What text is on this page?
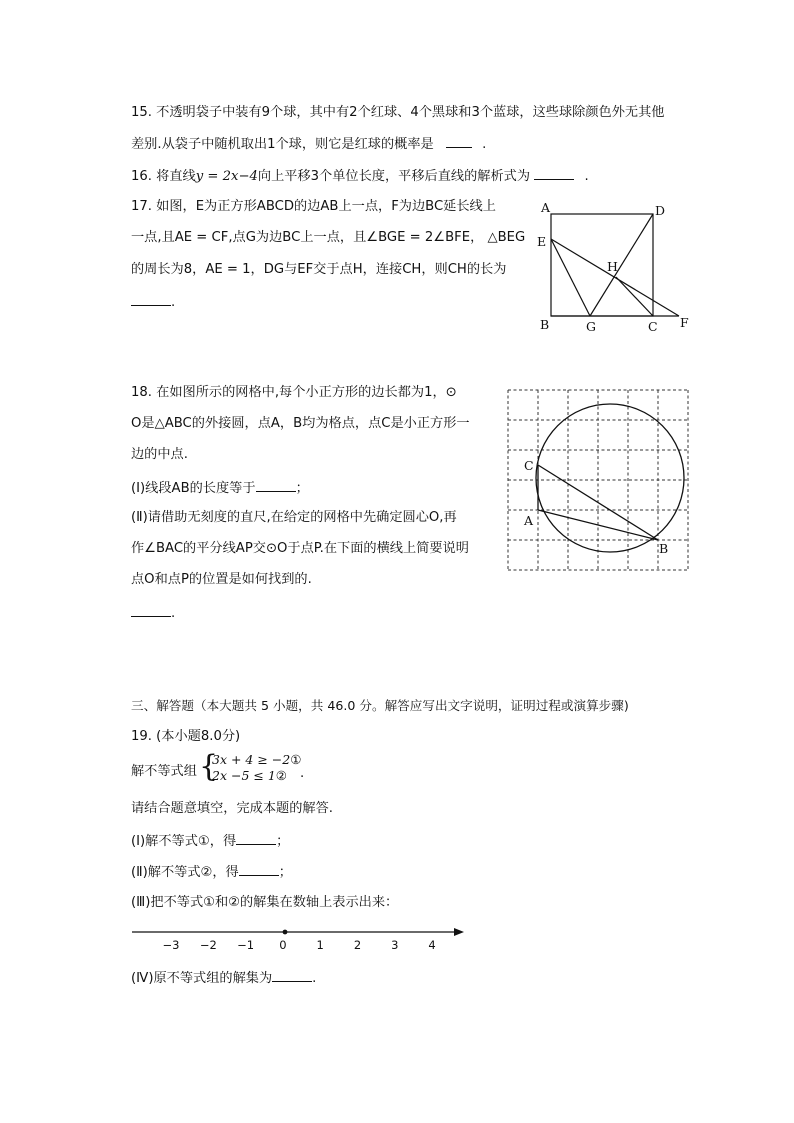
15. 不透明袋子中装有9个球，其中有2个红球、4个黑球和3个蓝球，这些球除颜色外无其他
差别.从袋子中随机取出1个球，则它是红球的概率是	.
16. 将直线y = 2x−4向上平移3个单位长度，平移后直线的解析式为	.
17. 如图，E为正方形ABCD的边AB上一点，F为边BC延长线上
一点,且AE = CF,点G为边BC上一点，且∠BGE = 2∠BFE， △BEG
的周长为8，AE = 1，DG与EF交于点H，连接CH，则CH的长为
.
A	D
E
H
B	G	C F
18. 在如图所示的网格中,每个小正方形的边长都为1，⊙
O是△ABC的外接圆，点A，B均为格点，点C是小正方形一
边的中点.
(Ⅰ)线段AB的长度等于	；
(Ⅱ)请借助无刻度的直尺,在给定的网格中先确定圆心O,再
作∠BAC的平分线AP交⊙O于点P.在下面的横线上简要说明
点O和点P的位置是如何找到的.
.
C
A
B
三、解答题（本大题共 5 小题，共 46.0 分。解答应写出文字说明，证明过程或演算步骤)
19. (本小题8.0分)
解不等式组 {
3x + 4 ≥ −2①
2x −5 ≤ 1② .
请结合题意填空，完成本题的解答.
(Ⅰ)解不等式①，得	；
(Ⅱ)解不等式②，得	；
(Ⅲ)把不等式①和②的解集在数轴上表示出来：
−3 −2 −1 0	1	2	3	4
(Ⅳ)原不等式组的解集为	.
